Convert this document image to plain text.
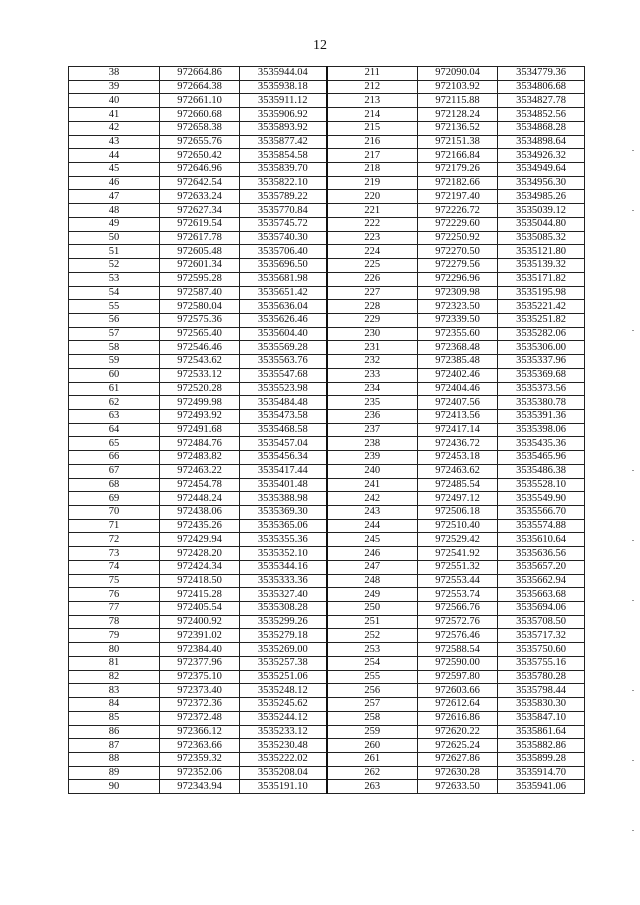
12
38	972664.86	3535944.04	211	972090.04	3534779.36
39	972664.38	3535938.18	212	972103.92	3534806.68
40	972661.10	3535911.12	213	972115.88	3534827.78
41	972660.68	3535906.92	214	972128.24	3534852.56
42	972658.38	3535893.92	215	972136.52	3534868.28
43	972655.76	3535877.42	216	972151.38	3534898.64
44	972650.42	3535854.58	217	972166.84	3534926.32
45	972646.96	3535839.70	218	972179.26	3534949.64
46	972642.54	3535822.10	219	972182.66	3534956.30
47	972633.24	3535789.22	220	972197.40	3534985.26
48	972627.34	3535770.84	221	972226.72	3535039.12
49	972619.54	3535745.72	222	972229.60	3535044.80
50	972617.78	3535740.30	223	972250.92	3535085.32
51	972605.48	3535706.40	224	972270.50	3535121.80
52	972601.34	3535696.50	225	972279.56	3535139.32
53	972595.28	3535681.98	226	972296.96	3535171.82
54	972587.40	3535651.42	227	972309.98	3535195.98
55	972580.04	3535636.04	228	972323.50	3535221.42
56	972575.36	3535626.46	229	972339.50	3535251.82
57	972565.40	3535604.40	230	972355.60	3535282.06
58	972546.46	3535569.28	231	972368.48	3535306.00
59	972543.62	3535563.76	232	972385.48	3535337.96
60	972533.12	3535547.68	233	972402.46	3535369.68
61	972520.28	3535523.98	234	972404.46	3535373.56
62	972499.98	3535484.48	235	972407.56	3535380.78
63	972493.92	3535473.58	236	972413.56	3535391.36
64	972491.68	3535468.58	237	972417.14	3535398.06
65	972484.76	3535457.04	238	972436.72	3535435.36
66	972483.82	3535456.34	239	972453.18	3535465.96
67	972463.22	3535417.44	240	972463.62	3535486.38
68	972454.78	3535401.48	241	972485.54	3535528.10
69	972448.24	3535388.98	242	972497.12	3535549.90
70	972438.06	3535369.30	243	972506.18	3535566.70
71	972435.26	3535365.06	244	972510.40	3535574.88
72	972429.94	3535355.36	245	972529.42	3535610.64
73	972428.20	3535352.10	246	972541.92	3535636.56
74	972424.34	3535344.16	247	972551.32	3535657.20
75	972418.50	3535333.36	248	972553.44	3535662.94
76	972415.28	3535327.40	249	972553.74	3535663.68
77	972405.54	3535308.28	250	972566.76	3535694.06
78	972400.92	3535299.26	251	972572.76	3535708.50
79	972391.02	3535279.18	252	972576.46	3535717.32
80	972384.40	3535269.00	253	972588.54	3535750.60
81	972377.96	3535257.38	254	972590.00	3535755.16
82	972375.10	3535251.06	255	972597.80	3535780.28
83	972373.40	3535248.12	256	972603.66	3535798.44
84	972372.36	3535245.62	257	972612.64	3535830.30
85	972372.48	3535244.12	258	972616.86	3535847.10
86	972366.12	3535233.12	259	972620.22	3535861.64
87	972363.66	3535230.48	260	972625.24	3535882.86
88	972359.32	3535222.02	261	972627.86	3535899.28
89	972352.06	3535208.04	262	972630.28	3535914.70
90	972343.94	3535191.10	263	972633.50	3535941.06
